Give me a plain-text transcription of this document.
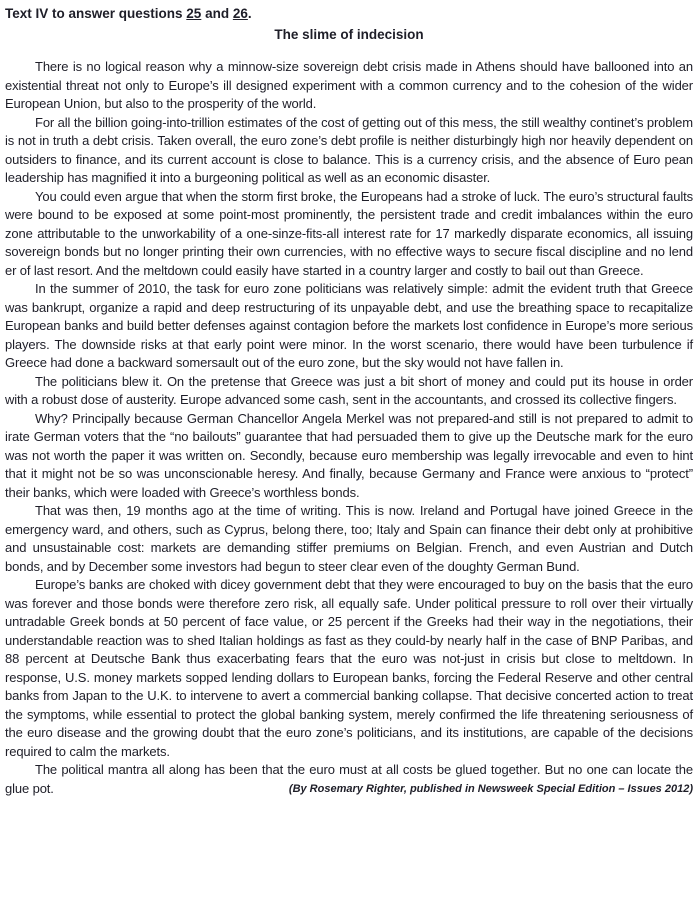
Text IV to answer questions 25 and 26.
The slime of indecision

There is no logical reason why a minnow-size sovereign debt crisis made in Athens should have ballooned into an existential threat not only to Europe’s ill designed experiment with a common currency and to the cohesion of the wider European Union, but also to the prosperity of the world.

For all the billion going-into-trillion estimates of the cost of getting out of this mess, the still wealthy continet’s problem is not in truth a debt crisis. Taken overall, the euro zone’s debt profile is neither disturbingly high nor heavily dependent on outsiders to finance, and its current account is close to balance. This is a currency crisis, and the absence of Euro pean leadership has magnified it into a burgeoning political as well as an economic disaster.

You could even argue that when the storm first broke, the Europeans had a stroke of luck. The euro’s structural faults were bound to be exposed at some point-most prominently, the persistent trade and credit imbalances within the euro zone attributable to the unworkability of a one-sinze-fits-all interest rate for 17 markedly disparate economics, all issuing sovereign bonds but no longer printing their own currencies, with no effective ways to secure fiscal discipline and no lend er of last resort. And the meltdown could easily have started in a country larger and costly to bail out than Greece.

In the summer of 2010, the task for euro zone politicians was relatively simple: admit the evident truth that Greece was bankrupt, organize a rapid and deep restructuring of its unpayable debt, and use the breathing space to recapitalize European banks and build better defenses against contagion before the markets lost confidence in Europe’s more serious players. The downside risks at that early point were minor. In the worst scenario, there would have been turbulence if Greece had done a backward somersault out of the euro zone, but the sky would not have fallen in.

The politicians blew it. On the pretense that Greece was just a bit short of money and could put its house in order with a robust dose of austerity. Europe advanced some cash, sent in the accountants, and crossed its collective fingers.

Why? Principally because German Chancellor Angela Merkel was not prepared-and still is not prepared to admit to irate German voters that the “no bailouts” guarantee that had persuaded them to give up the Deutsche mark for the euro was not worth the paper it was written on. Secondly, because euro membership was legally irrevocable and even to hint that it might not be so was unconscionable heresy. And finally, because Germany and France were anxious to “protect” their banks, which were loaded with Greece’s worthless bonds.

That was then, 19 months ago at the time of writing. This is now. Ireland and Portugal have joined Greece in the emergency ward, and others, such as Cyprus, belong there, too; Italy and Spain can finance their debt only at prohibitive and unsustainable cost: markets are demanding stiffer premiums on Belgian. French, and even Austrian and Dutch bonds, and by December some investors had begun to steer clear even of the doughty German Bund.

Europe’s banks are choked with dicey government debt that they were encouraged to buy on the basis that the euro was forever and those bonds were therefore zero risk, all equally safe. Under political pressure to roll over their virtually untradable Greek bonds at 50 percent of face value, or 25 percent if the Greeks had their way in the negotiations, their understandable reaction was to shed Italian holdings as fast as they could-by nearly half in the case of BNP Paribas, and 88 percent at Deutsche Bank thus exacerbating fears that the euro was not-just in crisis but close to meltdown. In response, U.S. money markets sopped lending dollars to European banks, forcing the Federal Reserve and other central banks from Japan to the U.K. to intervene to avert a commercial banking collapse. That decisive concerted action to treat the symptoms, while essential to protect the global banking system, merely confirmed the life threatening seriousness of the euro disease and the growing doubt that the euro zone’s politicians, and its institutions, are capable of the decisions required to calm the markets.

The political mantra all along has been that the euro must at all costs be glued together. But no one can locate the glue pot.	(By Rosemary Righter, published in Newsweek Special Edition – Issues 2012)
